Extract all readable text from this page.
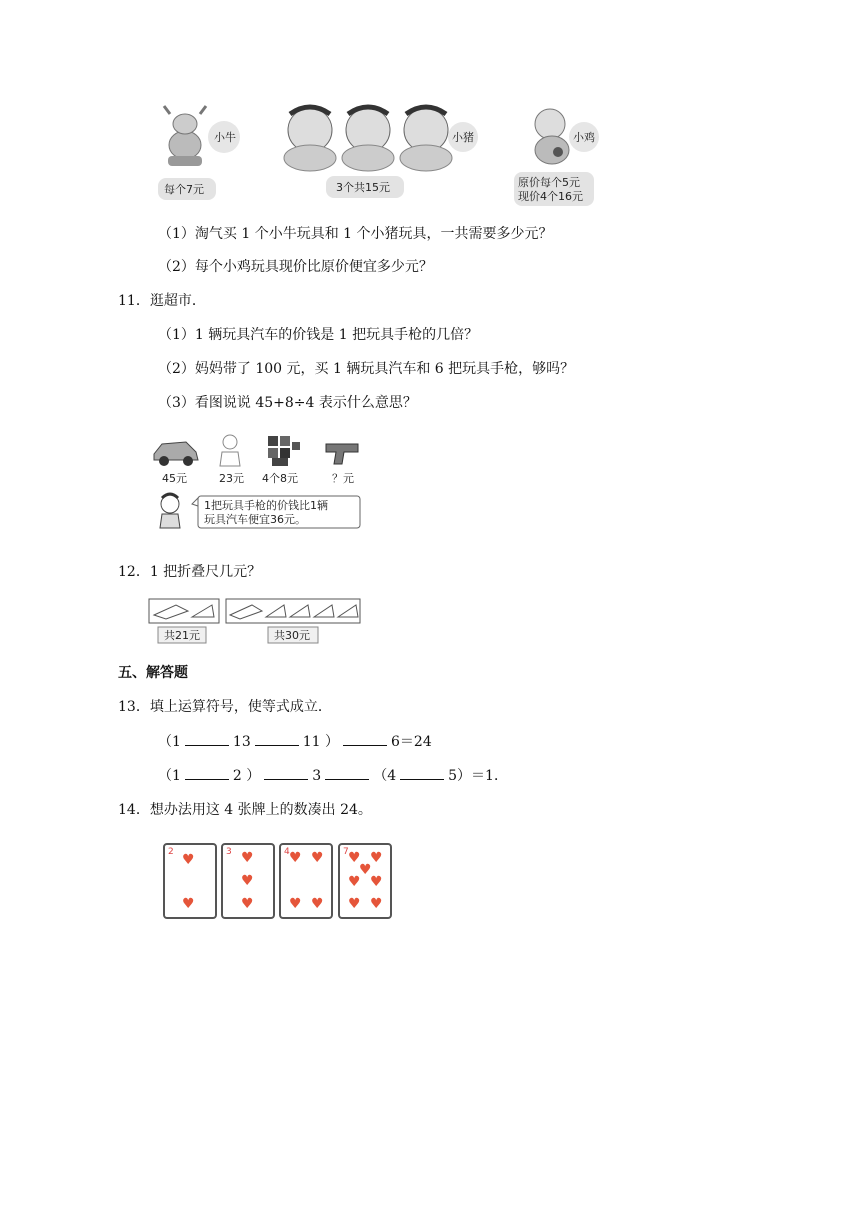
小牛
每个7元
小猪
3个共15元
小鸡
原价每个5元
现价4个16元
（1）淘气买 1 个小牛玩具和 1 个小猪玩具，一共需要多少元？
（2）每个小鸡玩具现价比原价便宜多少元？
11．逛超市．
（1）1 辆玩具汽车的价钱是 1 把玩具手枪的几倍？
（2）妈妈带了 100 元，买 1 辆玩具汽车和 6 把玩具手枪，够吗？
（3）看图说说 45+8÷4 表示什么意思？
45元	23元 4个8元	？元
1把玩具手枪的价钱比1辆
玩具汽车便宜36元。
12．1 把折叠尺几元？
共21元	共30元
五、解答题
13．填上运算符号，使等式成立．
（1	13	11 ）	6＝24
（1	2 ）	3	（4	5）＝1．
14．想办法用这 4 张牌上的数凑出 24。
2 ♥
♥
3 ♥
♥
♥
4 ♥ ♥
♥ ♥
7 ♥ ♥
♥
♥ ♥
♥ ♥
